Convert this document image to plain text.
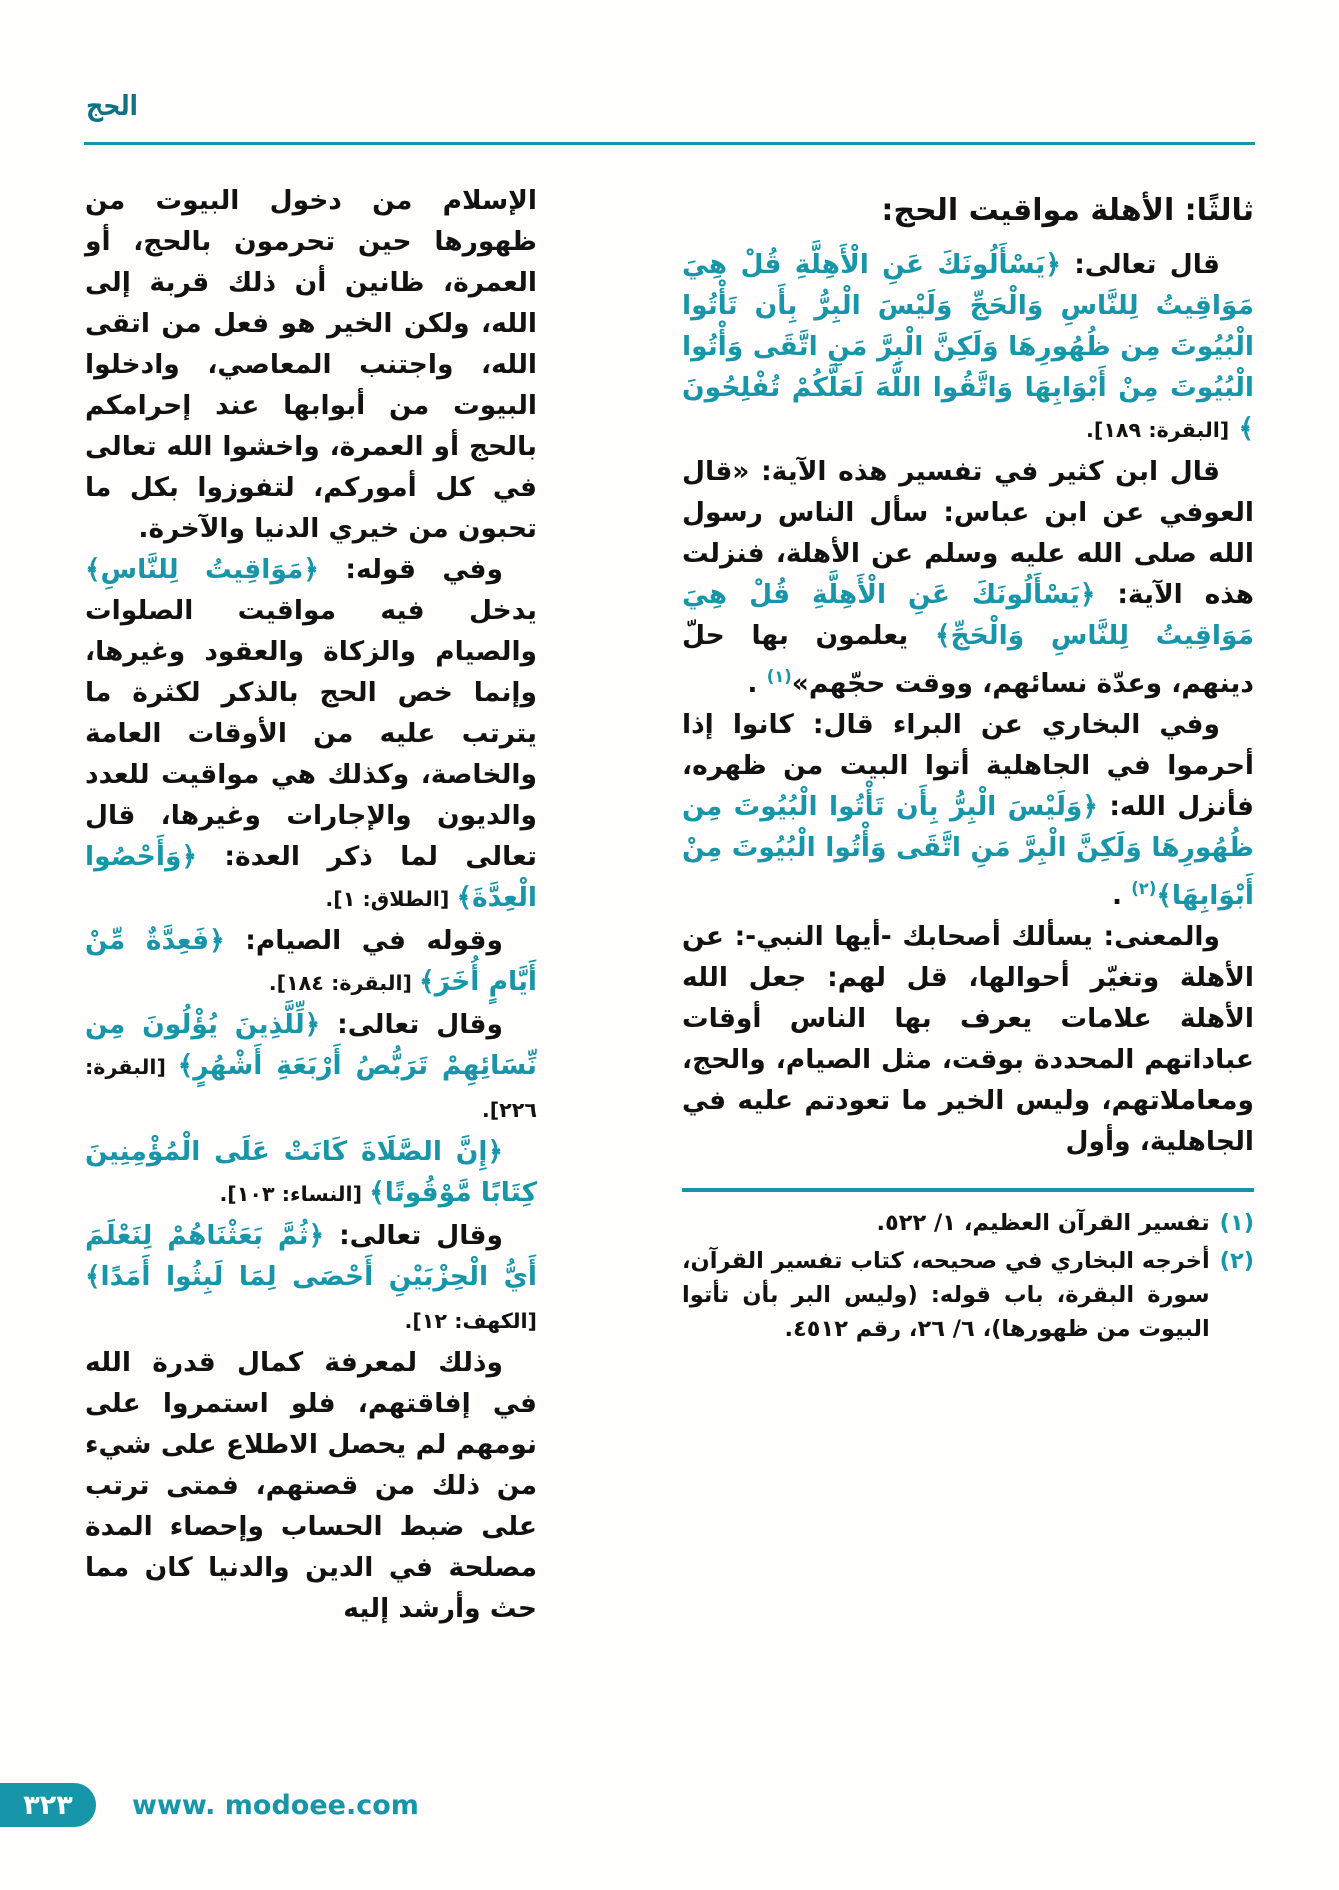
الحج
ثالثًا: الأهلة مواقيت الحج:

قال تعالى: ﴿يَسْأَلُونَكَ عَنِ الْأَهِلَّةِ قُلْ هِيَ مَوَاقِيتُ لِلنَّاسِ وَالْحَجِّ وَلَيْسَ الْبِرُّ بِأَن تَأْتُوا الْبُيُوتَ مِن ظُهُورِهَا وَلَكِنَّ الْبِرَّ مَنِ اتَّقَى وَأْتُوا الْبُيُوتَ مِنْ أَبْوَابِهَا وَاتَّقُوا اللَّهَ لَعَلَّكُمْ تُفْلِحُونَ ﴾ [البقرة: ١٨٩].

قال ابن كثير في تفسير هذه الآية: «قال العوفي عن ابن عباس: سأل الناس رسول الله صلى الله عليه وسلم عن الأهلة، فنزلت هذه الآية: ﴿يَسْأَلُونَكَ عَنِ الْأَهِلَّةِ قُلْ هِيَ مَوَاقِيتُ لِلنَّاسِ وَالْحَجِّ﴾ يعلمون بها حلّ دينهم، وعدّة نسائهم، ووقت حجّهم»$^{(١)}$ .

وفي البخاري عن البراء قال: كانوا إذا أحرموا في الجاهلية أتوا البيت من ظهره، فأنزل الله: ﴿وَلَيْسَ الْبِرُّ بِأَن تَأْتُوا الْبُيُوتَ مِن ظُهُورِهَا وَلَكِنَّ الْبِرَّ مَنِ اتَّقَى وَأْتُوا الْبُيُوتَ مِنْ أَبْوَابِهَا﴾$^{(٢)}$ .

والمعنى: يسألك أصحابك -أيها النبي-: عن الأهلة وتغيّر أحوالها، قل لهم: جعل الله الأهلة علامات يعرف بها الناس أوقات عباداتهم المحددة بوقت، مثل الصيام، والحج، ومعاملاتهم، وليس الخير ما تعودتم عليه في الجاهلية، وأول

(١)
تفسير القرآن العظيم، ١/ ٥٢٢.
(٢)
أخرجه البخاري في صحيحه، كتاب تفسير القرآن، سورة البقرة، باب قوله: (وليس البر بأن تأتوا البيوت من ظهورها)، ٦/ ٢٦، رقم ٤٥١٢.

الإسلام من دخول البيوت من ظهورها حين تحرمون بالحج، أو العمرة، ظانين أن ذلك قربة إلى الله، ولكن الخير هو فعل من اتقى الله، واجتنب المعاصي، وادخلوا البيوت من أبوابها عند إحرامكم بالحج أو العمرة، واخشوا الله تعالى في كل أموركم، لتفوزوا بكل ما تحبون من خيري الدنيا والآخرة.

وفي قوله: ﴿مَوَاقِيتُ لِلنَّاسِ﴾ يدخل فيه مواقيت الصلوات والصيام والزكاة والعقود وغيرها، وإنما خص الحج بالذكر لكثرة ما يترتب عليه من الأوقات العامة والخاصة، وكذلك هي مواقيت للعدد والديون والإجارات وغيرها، قال تعالى لما ذكر العدة: ﴿وَأَحْصُوا الْعِدَّةَ﴾ [الطلاق: ١].

وقوله في الصيام: ﴿فَعِدَّةٌ مِّنْ أَيَّامٍ أُخَرَ﴾ [البقرة: ١٨٤].

وقال تعالى: ﴿لِّلَّذِينَ يُؤْلُونَ مِن نِّسَائِهِمْ تَرَبُّصُ أَرْبَعَةِ أَشْهُرٍ﴾ [البقرة: ٢٢٦].

﴿إِنَّ الصَّلَاةَ كَانَتْ عَلَى الْمُؤْمِنِينَ كِتَابًا مَّوْقُوتًا﴾ [النساء: ١٠٣].

وقال تعالى: ﴿ثُمَّ بَعَثْنَاهُمْ لِنَعْلَمَ أَيُّ الْحِزْبَيْنِ أَحْصَى لِمَا لَبِثُوا أَمَدًا﴾ [الكهف: ١٢].

وذلك لمعرفة كمال قدرة الله في إفاقتهم، فلو استمروا على نومهم لم يحصل الاطلاع على شيء من ذلك من قصتهم، فمتى ترتب على ضبط الحساب وإحصاء المدة مصلحة في الدين والدنيا كان مما حث وأرشد إليه

٣٢٣	www. modoee.com
